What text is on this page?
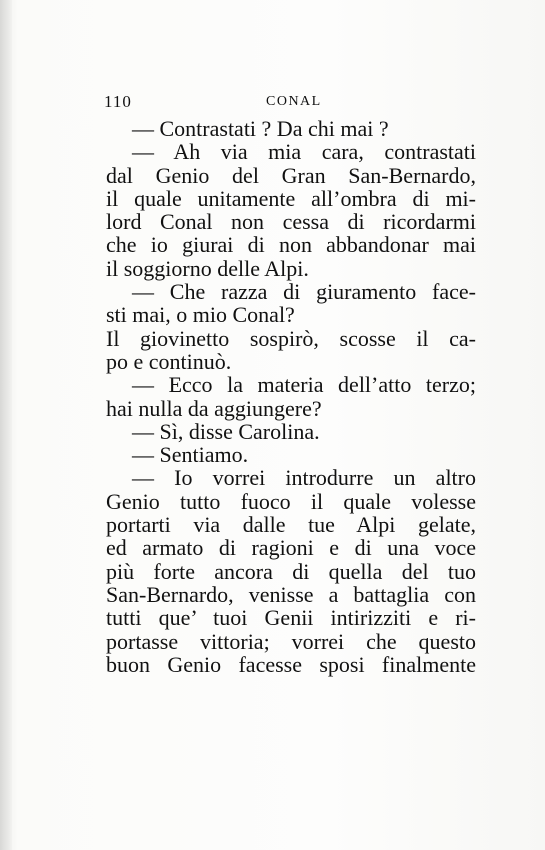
110	CONAL
— Contrastati ? Da chi mai ?
— Ah via mia cara, contrastati
dal Genio del Gran San-Bernardo,
il quale unitamente all’ombra di mi-
lord Conal non cessa di ricordarmi
che io giurai di non abbandonar mai
il soggiorno delle Alpi.
— Che razza di giuramento face-
sti mai, o mio Conal?
Il giovinetto sospirò, scosse il ca-
po e continuò.
— Ecco la materia dell’atto terzo;
hai nulla da aggiungere?
— Sì, disse Carolina.
— Sentiamo.
— Io vorrei introdurre un altro
Genio tutto fuoco il quale volesse
portarti via dalle tue Alpi gelate,
ed armato di ragioni e di una voce
più forte ancora di quella del tuo
San-Bernardo, venisse a battaglia con
tutti que’ tuoi Genii intirizziti e ri-
portasse vittoria; vorrei che questo
buon Genio facesse sposi finalmente
